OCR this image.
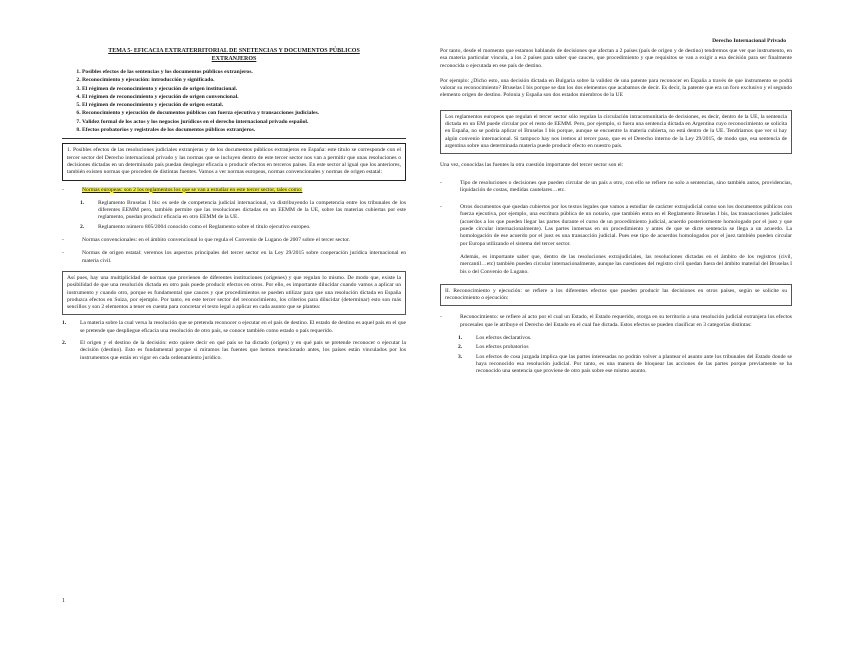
Derecho Internacional Privado
TEMA 5- EFICACIA EXTRATERRITORIAL DE SNETENCIAS Y DOCUMENTOS PÚBLICOS EXTRANJEROS
1. Posibles efectos de las sentencias y los documentos públicos extranjeros.
2. Reconocimiento y ejecución: introducción y significado.
3. El régimen de reconocimiento y ejecución de origen institucional.
4. El régimen de reconocimiento y ejecución de origen convencional.
5. El régimen de reconocimiento y ejecución de origen estatal.
6. Reconocimiento y ejecución de documentos públicos con fuerza ejecutiva y transacciones judiciales.
7. Validez formal de los actos y los negocios jurídicos en el derecho internacional privado español.
8. Efectos probatorios y registrales de los documentos públicos extranjeros.
1. Posibles efectos de las resoluciones judiciales extranjeras y de los documentos públicos extranjeros en España: este título se corresponde con el tercer sector del Derecho internacional privado y las normas que se incluyen dentro de este tercer sector nos van a permitir que unas resoluciones o decisiones dictadas en un determinado país puedan desplegar eficacia o producir efectos en terceros países. En este sector al igual que los anteriores, también existen normas que proceden de distintas fuentes. Vamos a ver normas europeas, normas convencionales y normas de origen estatal:
- Normas europeas: son 2 los reglamentos los que se van a estudiar en este tercer sector, tales como:
1. Reglamento Bruselas I bis: es sede de competencia judicial internacional, va distribuyendo la competencia entre los tribunales de los diferentes EEMM pero, también permite que las resoluciones dictadas en un EEMM de la UE, sobre las materias cubiertas por este reglamento, puedan producir eficacia en otro EEMM de la UE.
2. Reglamento número 805/2004 conocido como el Reglamento sobre el título ejecutivo europeo.
- Normas convencionales: en el ámbito convencional lo que regula el Convenio de Lugano de 2007 sobre el tercer sector.
- Normas de origen estatal: veremos los aspectos principales del tercer sector en la Ley 29/2015 sobre cooperación jurídica internacional en materia civil.
Así pues, hay una multiplicidad de normas que provienen de diferentes instituciones (orígenes) y que regulan lo mismo. De modo que, existe la posibilidad de que una resolución dictada en otro país puede producir efectos en otros. Por ello, es importante dilucidar cuando vamos a aplicar un instrumento y cuando otro, porque es fundamental que cauces y que procedimientos se pueden utilizar para que una resolución dictada en España produzca efectos en Suiza, por ejemplo. Por tanto, en este tercer sector del reconocimiento, los criterios para dilucidar (determinar) esto son más sencillos y son 2 elementos a tener en cuenta para concretar el texto legal a aplicar en cada asunto que se plantea:
1. La materia sobre la cual versa la resolución que se pretenda reconocer o ejecutar en el país de destino. El estado de destino es aquel país en el que se pretende que despliegue eficacia una resolución de otro país, se conoce también como estado o país requerido.
2. El origen y el destino de la decisión: esto quiere decir en qué país se ha dictado (origen) y en qué país se pretende reconocer o ejecutar la decisión (destino). Esto es fundamental porque si miramos las fuentes que hemos mencionado antes, los países están vinculados por los instrumentos que están en vigor en cada ordenamiento jurídico.

Por tanto, desde el momento que estamos hablando de decisiones que afectan a 2 países (país de origen y de destino) tendremos que ver que instrumento, en esa materia particular vincula, a los 2 países para saber que cauces, que procedimiento y que requisitos se van a exigir a esa decisión para ser finalmente reconocida o ejecutada en ese país de destino.

Por ejemplo: ¿Dicho esto, una decisión dictada en Bulgaria sobre la validez de una patente para reconocer en España a través de que instrumento se podrá valorar su reconocimiento? Bruselas I bis porque se dan los dos elementos que acabamos de decir. Es decir, la patente que era un foro exclusivo y el segundo elemento origen de destino. Polonia y España son dos estados miembros de la UE

Los reglamentos europeos que regulan el tercer sector sólo regulan la circulación intracomunitaria de decisiones, es decir, dentro de la UE, la sentencia dictada en un EM puede circular por el resto de EEMM. Pero, por ejemplo, si fuera una sentencia dictada en Argentina cuyo reconocimiento se solicita en España, no se podría aplicar el Bruselas I bis porque, aunque se encuentre la materia cubierta, no está dentro de la UE. Tendríamos que ver si hay algún convenio internacional. Si tampoco hay nos iremos al tercer paso, que es el Derecho interno de la Ley 29/2015, de modo que, esa sentencia de argentina sobre una determinada materia puede producir efecto en nuestro país.

Una vez, conocidas las fuentes la otra cuestión importante del tercer sector son el:

- Tipo de resoluciones o decisiones que pueden circular de un país a otro, con ello se refiere no solo a sentencias, sino también autos, providencias, liquidación de costas, medidas cautelares…etc.
- Otros documentos que quedan cubiertos por los textos legales que vamos a estudiar de carácter extrajudicial como son los documentos públicos con fuerza ejecutiva, por ejemplo, una escritura pública de un notario, que también entra en el Reglamento Bruselas I bis, las transacciones judiciales (acuerdos a los que pueden llegar las partes durante el curso de un procedimiento judicial, acuerdo posteriormente homologado por el juez y que puede circular internacionalmente). Las partes inmersas en un procedimiento y antes de que se dicte sentencia se llega a un acuerdo. La homologación de ese acuerdo por el juez es una transacción judicial. Pues ese tipo de acuerdos homologados por el juez también pueden circular por Europa utilizando el sistema del tercer sector.

Además, es importante saber que, dentro de las resoluciones extrajudiciales, las resoluciones dictadas en el ámbito de los registros (civil, mercantil…etc) también pueden circular internacionalmente, aunque las cuestiones del registro civil quedan fuera del ámbito material del Bruselas I bis o del Convenio de Lugano.

II. Reconocimiento y ejecución: se refiere a los diferentes efectos que pueden producir las decisiones en otros países, según se solicite su reconocimiento o ejecución:
- Reconocimiento: se refiere al acto por el cual un Estado, el Estado requerido, otorga en su territorio a una resolución judicial extranjera los efectos procesales que le atribuye el Derecho del Estado en el cual fue dictada. Estos efectos se pueden clasificar en 3 categorías distintas:
1. Los efectos declarativos.
2. Los efectos probatorios
3. Los efectos de cosa juzgada implica que las partes interesadas no podrán volver a plantear el asunto ante los tribunales del Estado donde se haya reconocido esa resolución judicial. Por tanto, es una manera de bloquear las acciones de las partes porque previamente se ha reconocido una sentencia que proviene de otro país sobre ese mismo asunto.
1
